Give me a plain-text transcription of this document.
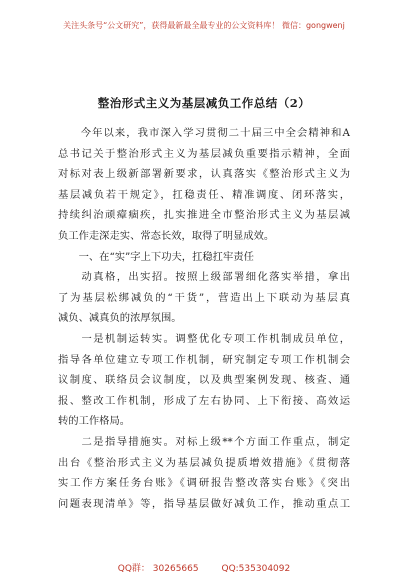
关注头条号“公文研究”，获得最新最全最专业的公文资料库！ 微信：gongwenj
整治形式主义为基层减负工作总结（2）
　　今年以来，我市深入学习贯彻二十届三中全会精神和A
总书记关于整治形式主义为基层减负重要指示精神，全面
对标对表上级新部署新要求，认真落实《整治形式主义为
基层减负若干规定》，扛稳责任、精准调度、闭环落实，
持续纠治顽瘴痼疾，扎实推进全市整治形式主义为基层减
负工作走深走实、常态长效，取得了明显成效。
　　一、在“实”字上下功夫，扛稳扛牢责任
　　动真格，出实招。按照上级部署细化落实举措，拿出
了为基层松绑减负的“干货”，营造出上下联动为基层真
减负、减真负的浓厚氛围。
　　一是机制运转实。调整优化专项工作机制成员单位，
指导各单位建立专项工作机制，研究制定专项工作机制会
议制度、联络员会议制度，以及典型案例发现、核查、通
报、整改工作机制，形成了左右协同、上下衔接、高效运
转的工作格局。
　　二是指导措施实。对标上级**个方面工作重点，制定
出台《整治形式主义为基层减负提质增效措施》《贯彻落
实工作方案任务台账》《调研报告整改落实台账》《突出
问题表现清单》等，指导基层做好减负工作，推动重点工
QQ群： 30265665	QQ:535304092
